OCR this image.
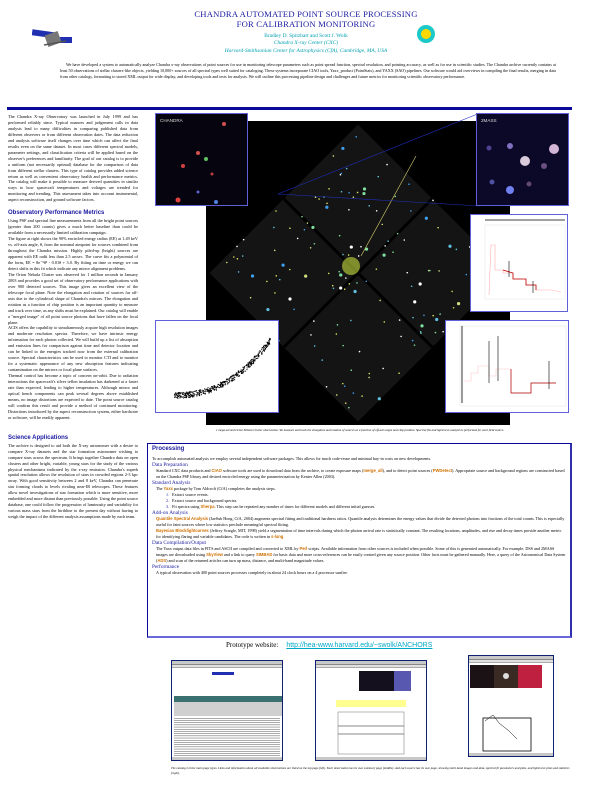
CHANDRA AUTOMATED POINT SOURCE PROCESSING
FOR CALIBRATION MONITORING
Bradley D. Spitzbart and Scott J. Wolk
Chandra X-ray Center (CXC)
Harvard-Smithsonian Center for Astrophysics (CfA), Cambridge, MA, USA
We have developed a system to automatically analyze Chandra x-ray observations of point sources for use in monitoring telescope parameters such as point spread function, spectral resolution, and pointing accuracy, as well as for use in scientific studies. The Chandra archive currently contains at least 50 observations of stellar clusters-like objects, yielding 10,000+ sources of all spectral types well suited for cataloging. These systems incorporate CIAO tools, Yaxx_product (PointStats), and YAXX (SAO) pipelines. Our software would aid overviews in compiling the final results, merging in data from other catalogs, formatting to stored XML output for wide display, and developing tools and tests for analysis. We will outline this processing pipeline design and challenges and future metrics for monitoring scientific observatory performance.

The Chandra X-ray Observatory was launched in July 1999 and has performed reliably since. Typical nuances and judgement calls in data analysis lead to many difficulties in comparing published data from different observers or from different observation dates. The data reduction and analysis software itself changes over time which can affect the final results even on the same dataset. In most cases different spectral models, parameter settings, and classification criteria will be applied based on the observer's preferences and familiarity. The goal of our catalog is to provide a uniform (not necessarily optimal) database for the comparison of data from different stellar clusters. This type of catalog provides added science return as well as convenient observatory health and performance metrics. The catalog will make it possible to measure derived quantities in similar ways to how spacecraft temperatures and voltages are trended for monitoring and trending. This assessment takes into account instrumental, aspect reconstruction, and ground software factors.

Observatory Performance Metrics

Using PSF and spectral line measurements from all the bright point sources (greater than 200 counts) gives a much better baseline than could be available from a necessarily limited calibration campaign.

The figure at right shows the 90% encircled energy radius (EE) at 1.49 keV vs. off-axis angle, θ, from the nominal aimpoint for sources combined from throughout the Chandra mission. Highly piled-up (bright) sources are apparent with EE radii less than 2.5 arcsec. The curve fits a polynomial of the form, EE = 8e⁻⁵θ³ - 0.01θ + 3.0. By fitting on time or energy we can detect shifts in this fit which indicate any mirror alignment problems.

The Orion Nebula Cluster was observed for 1 million seconds in January 2003 and provides a good set of observatory performance applications with over 900 detected sources. This image gives an excellent view of the telescope focal plane. Note the elongation and rotation of sources far off-axis due to the cylindrical shape of Chandra's mirrors. The elongation and rotation as a function of chip position is an important quantity to measure and track over time, as any shifts must be explained. Our catalog will enable a "merged image" of all point source photons that have fallen on the focal plane.

ACIS offers the capability to simultaneously acquire high resolution images and moderate resolution spectra. Therefore, we have intrinsic energy information for each photon collected. We will build up a list of absorption and emission lines for comparison against time and detector location and can be linked to the energies tracked now from the external calibration source. Spectral characteristics can be used to monitor CTI and to monitor for a systematic appearance of any new absorption features indicating contamination on the mirrors or focal plane surfaces.

Thermal control has become a topic of concern on-orbit. Due to radiation interactions the spacecraft's silver teflon insulation has darkened at a faster rate than expected, leading to higher temperatures. Although mirror and optical bench components can peak several degrees above established means, no image distortions are expected to date. The point source catalog will confirm this result and provide a method of continued monitoring. Distortions introduced by the aspect reconstruction system, either hardware or software, will be readily apparent.

Science Applications

The archive is designed to aid both the X-ray astronomer with a desire to compare X-ray datasets and the star formation astronomer wishing to compare stars across the spectrum. It brings together Chandra data on open clusters and other bright, variable, young stars for the study of the various physical mechanisms indicated by the x-ray emission. Chandra's superb spatial resolution allows the resolution of stars in crowded regions 2-3 kpc away. With good sensitivity between 2 and 8 keV, Chandra can penetrate star forming clouds to levels rivaling near-IR telescopes. These features allow novel investigations of star formation which is more sensitive, more embedded and more distant than previously possible. Using the point source database, one could follow the progression of luminosity and variability for various mass stars from the birthline to the present day without having to weigh the impact of the different analysis assumptions made by each team.

CHANDRA	2MASS
1 mega-second Orion Nebula Cluster observation. We measure and track the elongation and rotation of sources as a function of off-axis angle and chip position. Spectral fits and lightcurve analysis is performed for each field source.
Processing
To accomplish automated analysis we employ several independent software packages. This allows for much code-reuse and minimal buy-in costs on new developments.
Data Preparation
Standard CXC data products and CIAO software tools are used to download data from the archive, to create exposure maps (merge_all), and to detect point sources (PWDetect). Appropriate source and background regions are constructed based on the Chandra PSF library and desired encircled energy using the parameterization by Kenter Allen (2003).
Standard Analysis
The Yaxx package by Tom Aldcroft (CfA) completes the analysis steps.
1. Extract source events.
2. Extract source and background spectra.
3. Fit spectra using Sherpa. This step can be repeated any number of times for different models and different initial guesses.
Add-on Analysis
Quantile Spectral Analysis (JaeSub Hong, CfA, 2004) augments spectral fitting and traditional hardness ratios. Quantile analysis determines the energy values that divide the detected photons into fractions of the total counts. This is especially useful for faint sources where low statistics preclude meaningful spectral fitting.
Bayesian Blocklightcurves (Jeffrey Scargle, MIT, 1998) yield a segmentation of time intervals during which the photon arrival rate is statistically constant. The resulting locations, amplitudes, and rise and decay times provide another metric for identifying flaring and variable candidates. The code is written in s-lang.
Data Compilation/Output
The Yaxx output data files in FITS and ASCII are compiled and converted to XML by Perl scripts. Available information from other sources is included when possible. Some of this is generated automatically. For example, DSS and 2MASS images are downloaded using SkyView and a link to query SIMBAD for basic data and more cross-references can be easily created given any source position. Other facts must be gathered manually. Here, a query of the Astronomical Data System (ADS) and scan of the returned articles can turn up mass, distance, and multi-band magnitude values.
Performance
A typical observation with 400 point sources processes completely in about 24 clock hours on a 4 processor sunfire.
Prototype website: http://hea-www.harvard.edu/~swolk/ANCHORS
The catalog is three main page types. Links and information about all available observations are listed on the top page (left). Each observation has its own summary page (middle). And each source has its own page, showing multi-band images and data, spectral fit parameters and plots, and lightcurve plots and statistics (right).
